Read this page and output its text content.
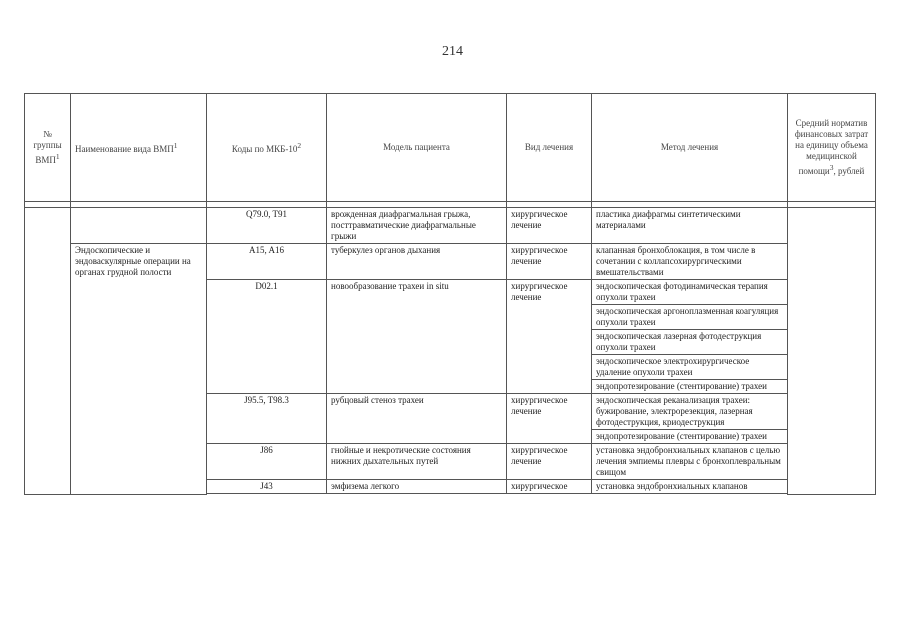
214
№ группы ВМП$^1$	Наименование вида ВМП$^1$	Коды по МКБ-$10^2$	Модель пациента	Вид лечения	Метод лечения	Средний норматив финансовых затрат на единицу объема медицинской помощи$^3$, рублей

		Q79.0, T91	врожденная диафрагмальная грыжа, посттравматические диафрагмальные грыжи	хирургическое лечение	пластика диафрагмы синтетическими материалами	
	Эндоскопические и эндоваскулярные операции на органах грудной полости	A15, A16	туберкулез органов дыхания	хирургическое лечение	клапанная бронхоблокация, в том числе в сочетании с коллапсохирургическими вмешательствами	
		D02.1	новообразование трахеи in situ	хирургическое лечение	эндоскопическая фотодинамическая терапия опухоли трахеи	
					эндоскопическая аргоноплазменная коагуляция опухоли трахеи	
					эндоскопическая лазерная фотодеструкция опухоли трахеи	
					эндоскопическое электрохирургическое удаление опухоли трахеи	
					эндопротезирование (стентирование) трахеи	
		J95.5, T98.3	рубцовый стеноз трахеи	хирургическое лечение	эндоскопическая реканализация трахеи: бужирование, электрорезекция, лазерная фотодеструкция, криодеструкция	
					эндопротезирование (стентирование) трахеи	
		J86	гнойные и некротические состояния нижних дыхательных путей	хирургическое лечение	установка эндобронхиальных клапанов с целью лечения эмпиемы плевры с бронхоплевральным свищом	
		J43	эмфизема легкого	хирургическое	установка эндобронхиальных клапанов	
